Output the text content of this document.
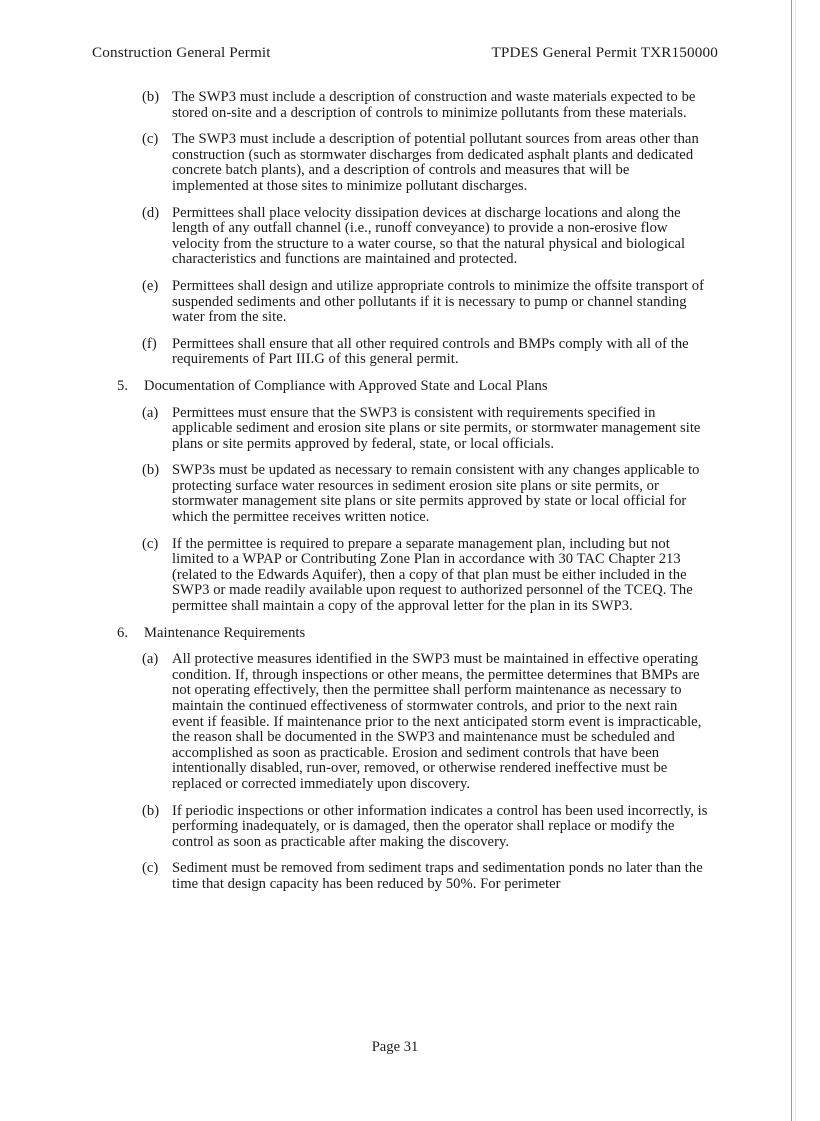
Construction General Permit	TPDES General Permit TXR150000
(b) The SWP3 must include a description of construction and waste materials expected to be stored on-site and a description of controls to minimize pollutants from these materials.
(c) The SWP3 must include a description of potential pollutant sources from areas other than construction (such as stormwater discharges from dedicated asphalt plants and dedicated concrete batch plants), and a description of controls and measures that will be implemented at those sites to minimize pollutant discharges.
(d) Permittees shall place velocity dissipation devices at discharge locations and along the length of any outfall channel (i.e., runoff conveyance) to provide a non-erosive flow velocity from the structure to a water course, so that the natural physical and biological characteristics and functions are maintained and protected.
(e) Permittees shall design and utilize appropriate controls to minimize the offsite transport of suspended sediments and other pollutants if it is necessary to pump or channel standing water from the site.
(f)	Permittees shall ensure that all other required controls and BMPs comply with all of the requirements of Part III.G of this general permit.
5.	Documentation of Compliance with Approved State and Local Plans
(a) Permittees must ensure that the SWP3 is consistent with requirements specified in applicable sediment and erosion site plans or site permits, or stormwater management site plans or site permits approved by federal, state, or local officials.
(b) SWP3s must be updated as necessary to remain consistent with any changes applicable to protecting surface water resources in sediment erosion site plans or site permits, or stormwater management site plans or site permits approved by state or local official for which the permittee receives written notice.
(c) If the permittee is required to prepare a separate management plan, including but not limited to a WPAP or Contributing Zone Plan in accordance with 30 TAC Chapter 213 (related to the Edwards Aquifer), then a copy of that plan must be either included in the SWP3 or made readily available upon request to authorized personnel of the TCEQ. The permittee shall maintain a copy of the approval letter for the plan in its SWP3.
6.	Maintenance Requirements
(a) All protective measures identified in the SWP3 must be maintained in effective operating condition. If, through inspections or other means, the permittee determines that BMPs are not operating effectively, then the permittee shall perform maintenance as necessary to maintain the continued effectiveness of stormwater controls, and prior to the next rain event if feasible. If maintenance prior to the next anticipated storm event is impracticable, the reason shall be documented in the SWP3 and maintenance must be scheduled and accomplished as soon as practicable. Erosion and sediment controls that have been intentionally disabled, run-over, removed, or otherwise rendered ineffective must be replaced or corrected immediately upon discovery.
(b) If periodic inspections or other information indicates a control has been used incorrectly, is performing inadequately, or is damaged, then the operator shall replace or modify the control as soon as practicable after making the discovery.
(c) Sediment must be removed from sediment traps and sedimentation ponds no later than the time that design capacity has been reduced by 50%. For perimeter
Page 31
